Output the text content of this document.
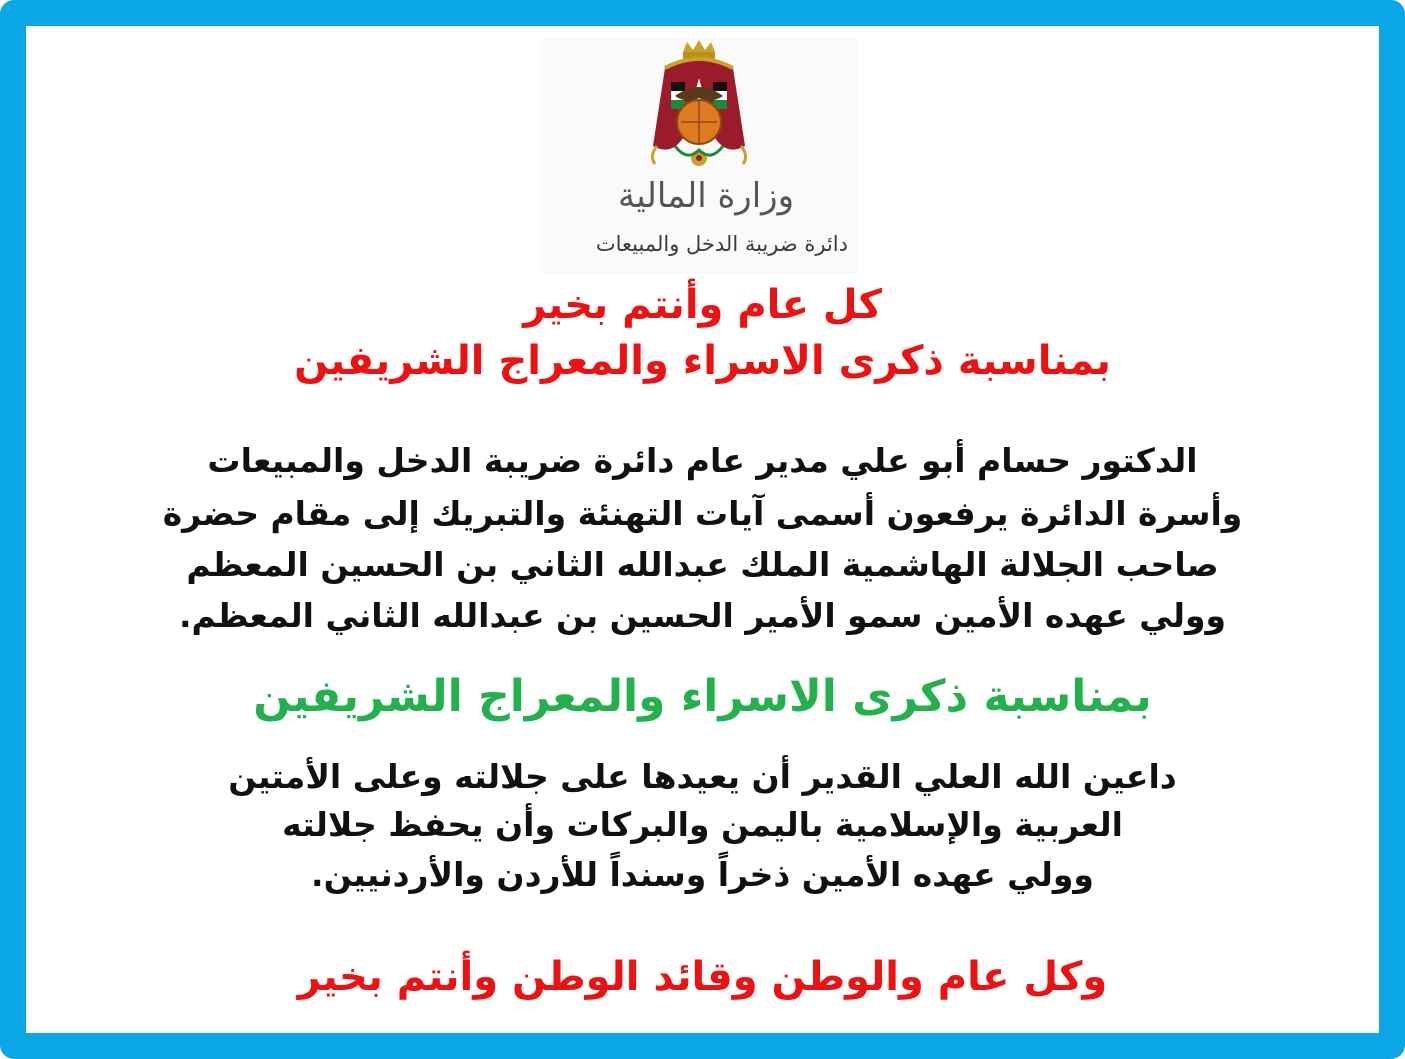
وزارة المالية
دائرة ضريبة الدخل والمبيعات
كل عام وأنتم بخير
بمناسبة ذكرى الاسراء والمعراج الشريفين
الدكتور حسام أبو علي مدير عام دائرة ضريبة الدخل والمبيعات
وأسرة الدائرة يرفعون أسمى آيات التهنئة والتبريك إلى مقام حضرة
صاحب الجلالة الهاشمية الملك عبدالله الثاني بن الحسين المعظم
وولي عهده الأمين سمو الأمير الحسين بن عبدالله الثاني المعظم.
بمناسبة ذكرى الاسراء والمعراج الشريفين
داعين الله العلي القدير أن يعيدها على جلالته وعلى الأمتين
العربية والإسلامية باليمن والبركات وأن يحفظ جلالته
وولي عهده الأمين ذخراً وسنداً للأردن والأردنيين.
وكل عام والوطن وقائد الوطن وأنتم بخير
